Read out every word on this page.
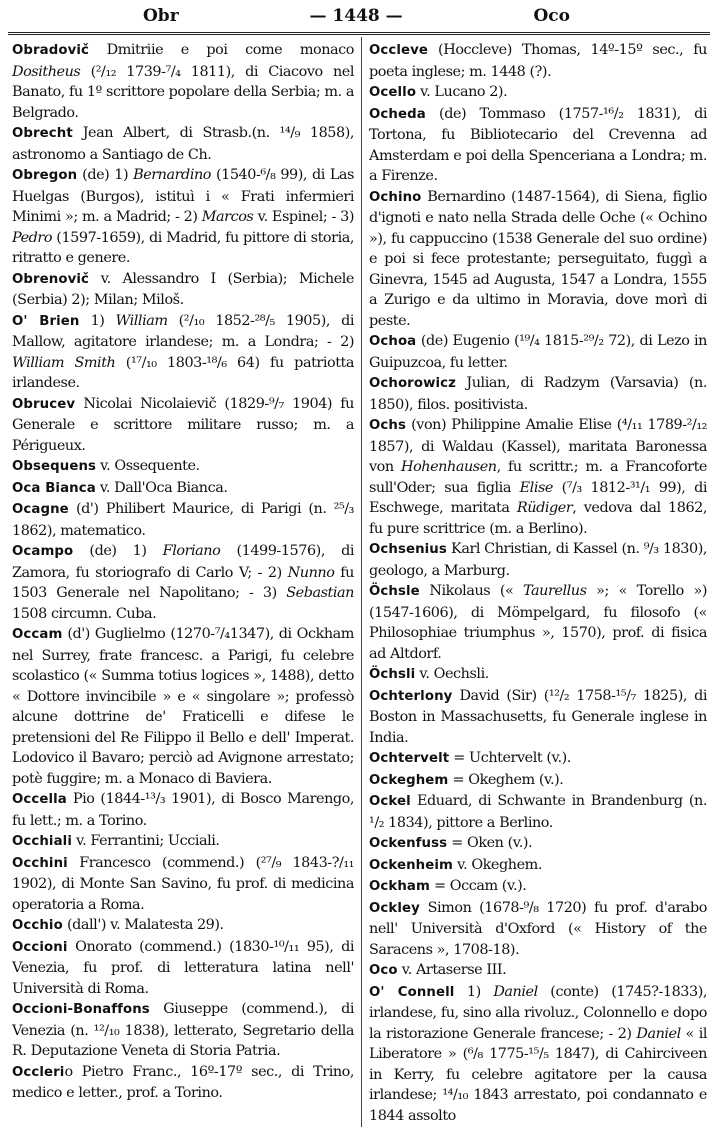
Obr	— 1448 —	Oco

Obradovič Dmitriie e poi come monaco Dositheus (²/₁₂ 1739-⁷/₄ 1811), di Ciacovo nel Banato, fu 1º scrittore popolare della Serbia; m. a Belgrado.

Obrecht Jean Albert, di Strasb.(n. ¹⁴/₉ 1858), astronomo a Santiago de Ch.

Obregon (de) 1) Bernardino (1540-⁶/₈ 99), di Las Huelgas (Burgos), istituì i « Frati infermieri Minimi »; m. a Madrid; - 2) Marcos v. Espinel; - 3) Pedro (1597-1659), di Madrid, fu pittore di storia, ritratto e genere.

Obrenovič v. Alessandro I (Serbia); Michele (Serbia) 2); Milan; Miloš.

O' Brien 1) William (²/₁₀ 1852-²⁸/₅ 1905), di Mallow, agitatore irlandese; m. a Londra; - 2) William Smith (¹⁷/₁₀ 1803-¹⁸/₆ 64) fu patriotta irlandese.

Obrucev Nicolai Nicolaievič (1829-⁹/₇ 1904) fu Generale e scrittore militare russo; m. a Périgueux.

Obsequens v. Ossequente.

Oca Bianca v. Dall'Oca Bianca.

Ocagne (d') Philibert Maurice, di Parigi (n. ²⁵/₃ 1862), matematico.

Ocampo (de) 1) Floriano (1499-1576), di Zamora, fu storiografo di Carlo V; - 2) Nunno fu 1503 Generale nel Napolitano; - 3) Sebastian 1508 circumn. Cuba.

Occam (d') Guglielmo (1270-⁷/₄1347), di Ockham nel Surrey, frate francesc. a Parigi, fu celebre scolastico (« Summa totius logices », 1488), detto « Dottore invincibile » e « singolare »; professò alcune dottrine de' Fraticelli e difese le pretensioni del Re Filippo il Bello e dell' Imperat. Lodovico il Bavaro; perciò ad Avignone arrestato; potè fuggire; m. a Monaco di Baviera.

Occella Pio (1844-¹³/₃ 1901), di Bosco Marengo, fu lett.; m. a Torino.

Occhiali v. Ferrantini; Ucciali.

Occhini Francesco (commend.) (²⁷/₉ 1843-?/₁₁ 1902), di Monte San Savino, fu prof. di medicina operatoria a Roma.

Occhio (dall') v. Malatesta 29).

Occioni Onorato (commend.) (1830-¹⁰/₁₁ 95), di Venezia, fu prof. di letteratura latina nell' Università di Roma.

Occioni-Bonaffons Giuseppe (commend.), di Venezia (n. ¹²/₁₀ 1838), letterato, Segretario della R. Deputazione Veneta di Storia Patria.

Occlerio Pietro Franc., 16º-17º sec., di Trino, medico e letter., prof. a Torino.

Occleve (Hoccleve) Thomas, 14º-15º sec., fu poeta inglese; m. 1448 (?).

Ocello v. Lucano 2).

Ocheda (de) Tommaso (1757-¹⁶/₂ 1831), di Tortona, fu Bibliotecario del Crevenna ad Amsterdam e poi della Spenceriana a Londra; m. a Firenze.

Ochino Bernardino (1487-1564), di Siena, figlio d'ignoti e nato nella Strada delle Oche (« Ochino »), fu cappuccino (1538 Generale del suo ordine) e poi si fece protestante; perseguitato, fuggì a Ginevra, 1545 ad Augusta, 1547 a Londra, 1555 a Zurigo e da ultimo in Moravia, dove morì di peste.

Ochoa (de) Eugenio (¹⁹/₄ 1815-²⁹/₂ 72), di Lezo in Guipuzcoa, fu letter.

Ochorowicz Julian, di Radzym (Varsavia) (n. 1850), filos. positivista.

Ochs (von) Philippine Amalie Elise (⁴/₁₁ 1789-²/₁₂ 1857), di Waldau (Kassel), maritata Baronessa von Hohenhausen, fu scrittr.; m. a Francoforte sull'Oder; sua figlia Elise (⁷/₃ 1812-³¹/₁ 99), di Eschwege, maritata Rüdiger, vedova dal 1862, fu pure scrittrice (m. a Berlino).

Ochsenius Karl Christian, di Kassel (n. ⁹/₃ 1830), geologo, a Marburg.

Öchsle Nikolaus (« Taurellus »; « Torello ») (1547-1606), di Mömpelgard, fu filosofo (« Philosophiae triumphus », 1570), prof. di fisica ad Altdorf.

Öchsli v. Oechsli.

Ochterlony David (Sir) (¹²/₂ 1758-¹⁵/₇ 1825), di Boston in Massachusetts, fu Generale inglese in India.

Ochtervelt = Uchtervelt (v.).

Ockeghem = Okeghem (v.).

Ockel Eduard, di Schwante in Brandenburg (n. ¹/₂ 1834), pittore a Berlino.

Ockenfuss = Oken (v.).

Ockenheim v. Okeghem.

Ockham = Occam (v.).

Ockley Simon (1678-⁹/₈ 1720) fu prof. d'arabo nell' Università d'Oxford (« History of the Saracens », 1708-18).

Oco v. Artaserse III.

O' Connell 1) Daniel (conte) (1745?-1833), irlandese, fu, sino alla rivoluz., Colonnello e dopo la ristorazione Generale francese; - 2) Daniel « il Liberatore » (⁶/₈ 1775-¹⁵/₅ 1847), di Cahirciveen in Kerry, fu celebre agitatore per la causa irlandese; ¹⁴/₁₀ 1843 arrestato, poi condannato e 1844 assolto
